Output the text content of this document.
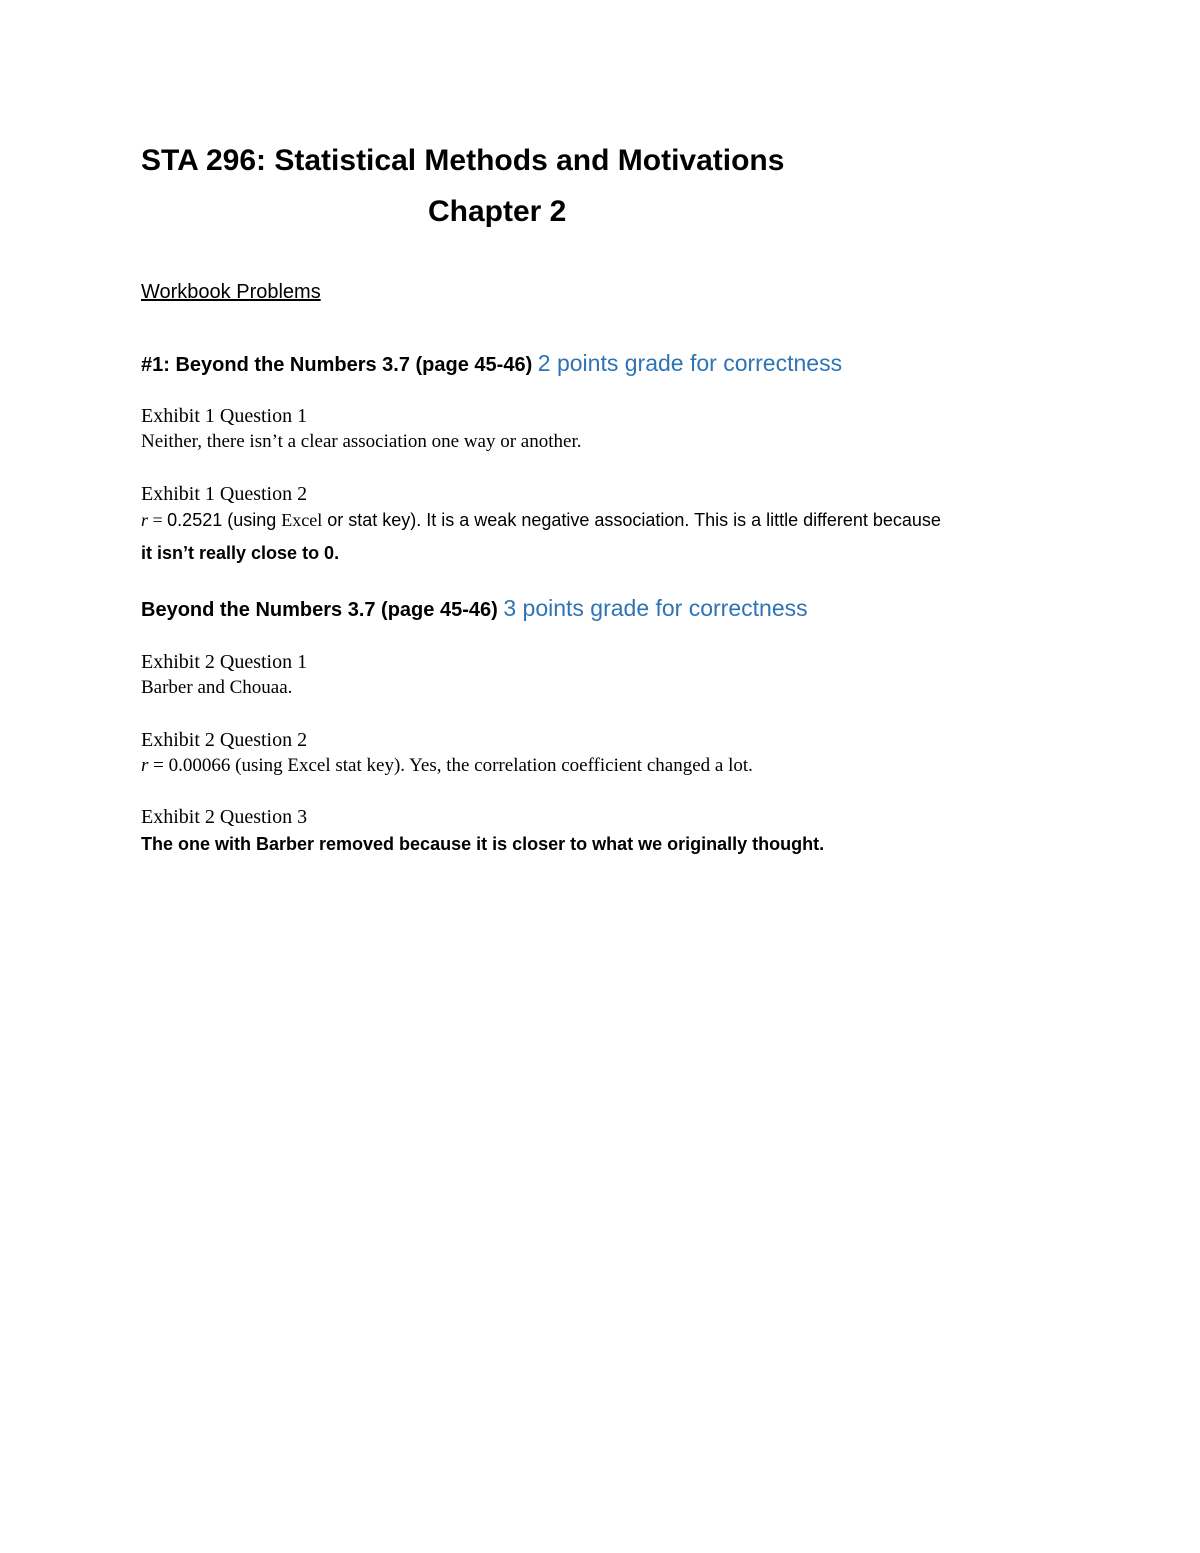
STA 296: Statistical Methods and Motivations
Chapter 2
Workbook Problems
#1: Beyond the Numbers 3.7 (page 45-46) 2 points grade for correctness
Exhibit 1 Question 1
Neither, there isn’t a clear association one way or another.
Exhibit 1 Question 2
r = 0.2521 (using Excel or stat key). It is a weak negative association. This is a little different because
it isn’t really close to 0.
Beyond the Numbers 3.7 (page 45-46) 3 points grade for correctness
Exhibit 2 Question 1
Barber and Chouaa.
Exhibit 2 Question 2
r = 0.00066 (using Excel stat key). Yes, the correlation coefficient changed a lot.
Exhibit 2 Question 3
The one with Barber removed because it is closer to what we originally thought.
